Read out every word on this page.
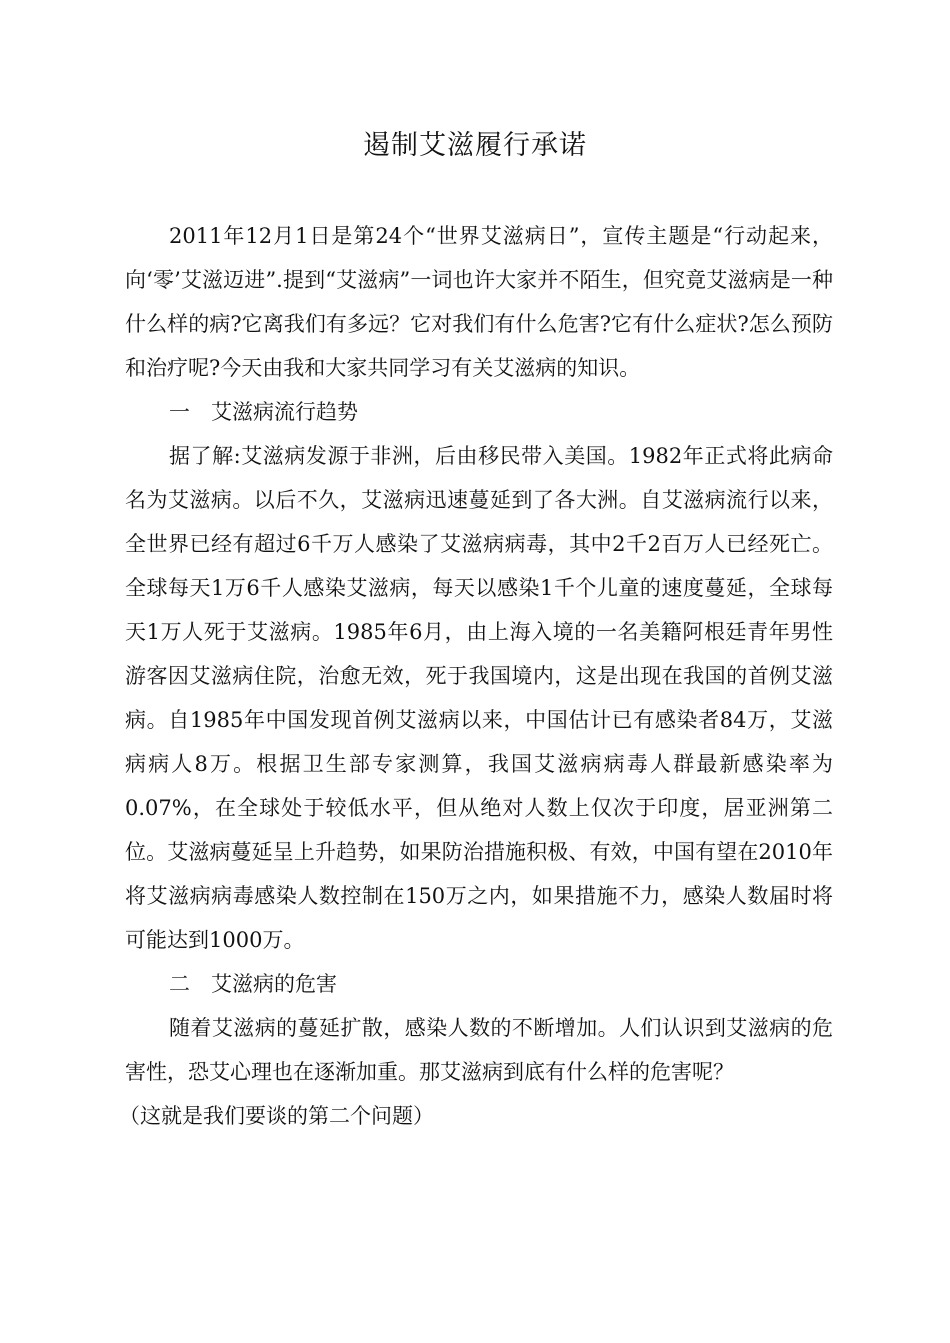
遏制艾滋履行承诺

2011年12月1日是第24个“世界艾滋病日”，宣传主题是“行动起来，向‘零’艾滋迈进”.提到“艾滋病”一词也许大家并不陌生，但究竟艾滋病是一种什么样的病?它离我们有多远？它对我们有什么危害?它有什么症状?怎么预防和治疗呢?今天由我和大家共同学习有关艾滋病的知识。

一　艾滋病流行趋势

据了解:艾滋病发源于非洲，后由移民带入美国。1982年正式将此病命名为艾滋病。以后不久，艾滋病迅速蔓延到了各大洲。自艾滋病流行以来，全世界已经有超过6千万人感染了艾滋病病毒，其中2千2百万人已经死亡。全球每天1万6千人感染艾滋病，每天以感染1千个儿童的速度蔓延，全球每天1万人死于艾滋病。1985年6月，由上海入境的一名美籍阿根廷青年男性游客因艾滋病住院，治愈无效，死于我国境内，这是出现在我国的首例艾滋病。自1985年中国发现首例艾滋病以来，中国估计已有感染者84万，艾滋病病人8万。根据卫生部专家测算，我国艾滋病病毒人群最新感染率为0.07%，在全球处于较低水平，但从绝对人数上仅次于印度，居亚洲第二位。艾滋病蔓延呈上升趋势，如果防治措施积极、有效，中国有望在2010年将艾滋病病毒感染人数控制在150万之内，如果措施不力，感染人数届时将可能达到1000万。

二　艾滋病的危害

随着艾滋病的蔓延扩散，感染人数的不断增加。人们认识到艾滋病的危害性，恐艾心理也在逐渐加重。那艾滋病到底有什么样的危害呢？

（这就是我们要谈的第二个问题）
